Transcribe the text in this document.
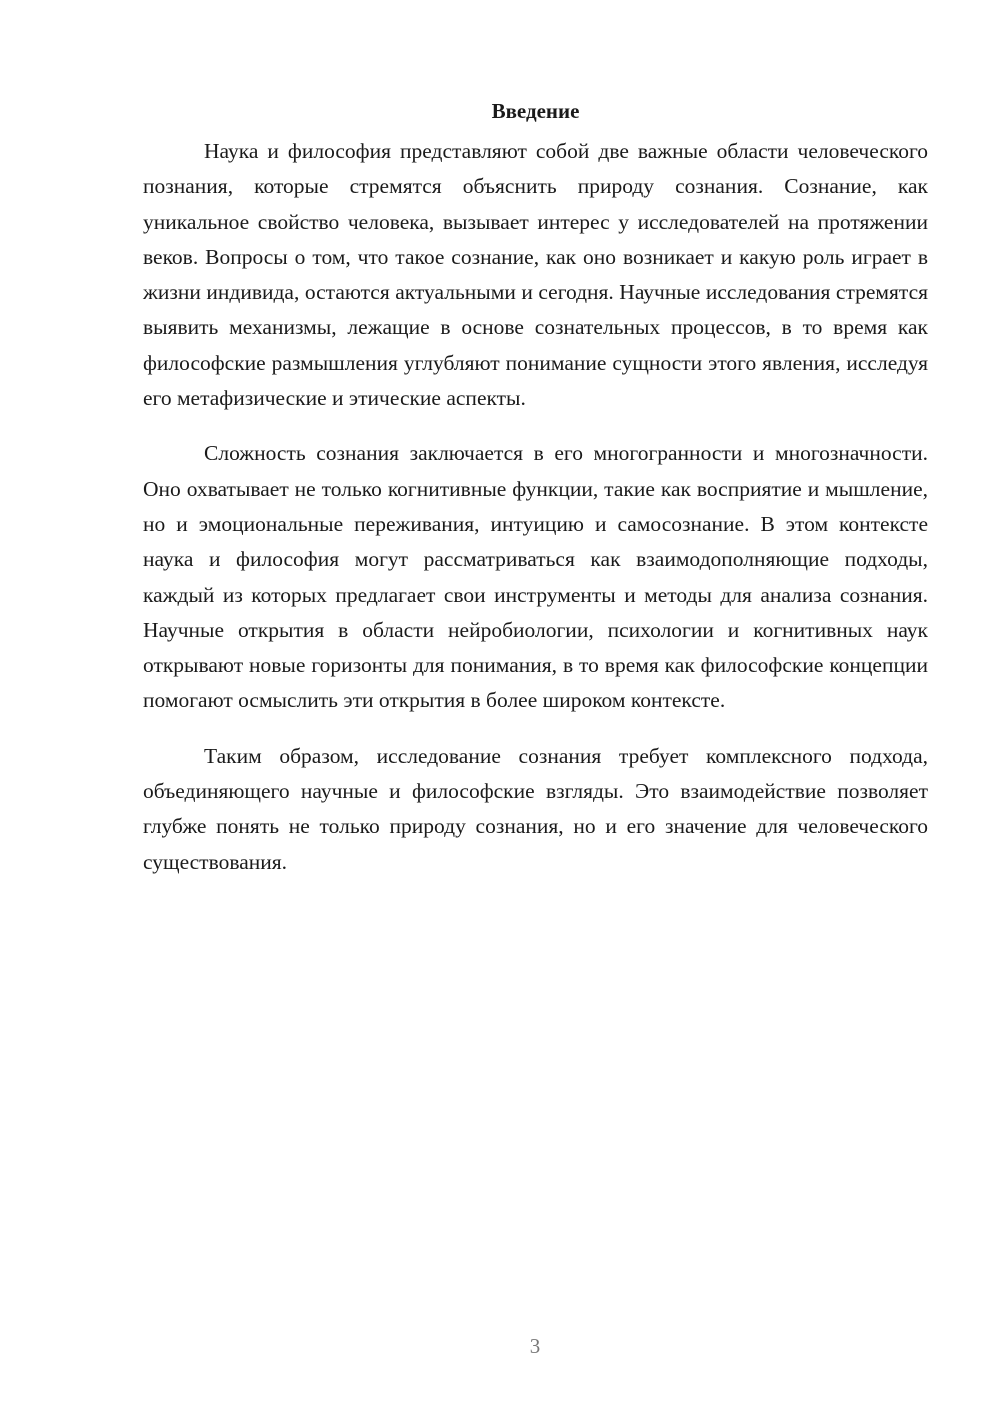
Введение

Наука и философия представляют собой две важные области человеческого познания, которые стремятся объяснить природу сознания. Сознание, как уникальное свойство человека, вызывает интерес у исследователей на протяжении веков. Вопросы о том, что такое сознание, как оно возникает и какую роль играет в жизни индивида, остаются актуальными и сегодня. Научные исследования стремятся выявить механизмы, лежащие в основе сознательных процессов, в то время как философские размышления углубляют понимание сущности этого явления, исследуя его метафизические и этические аспекты.

Сложность сознания заключается в его многогранности и многозначности. Оно охватывает не только когнитивные функции, такие как восприятие и мышление, но и эмоциональные переживания, интуицию и самосознание. В этом контексте наука и философия могут рассматриваться как взаимодополняющие подходы, каждый из которых предлагает свои инструменты и методы для анализа сознания. Научные открытия в области нейробиологии, психологии и когнитивных наук открывают новые горизонты для понимания, в то время как философские концепции помогают осмыслить эти открытия в более широком контексте.

Таким образом, исследование сознания требует комплексного подхода, объединяющего научные и философские взгляды. Это взаимодействие позволяет глубже понять не только природу сознания, но и его значение для человеческого существования.

3
